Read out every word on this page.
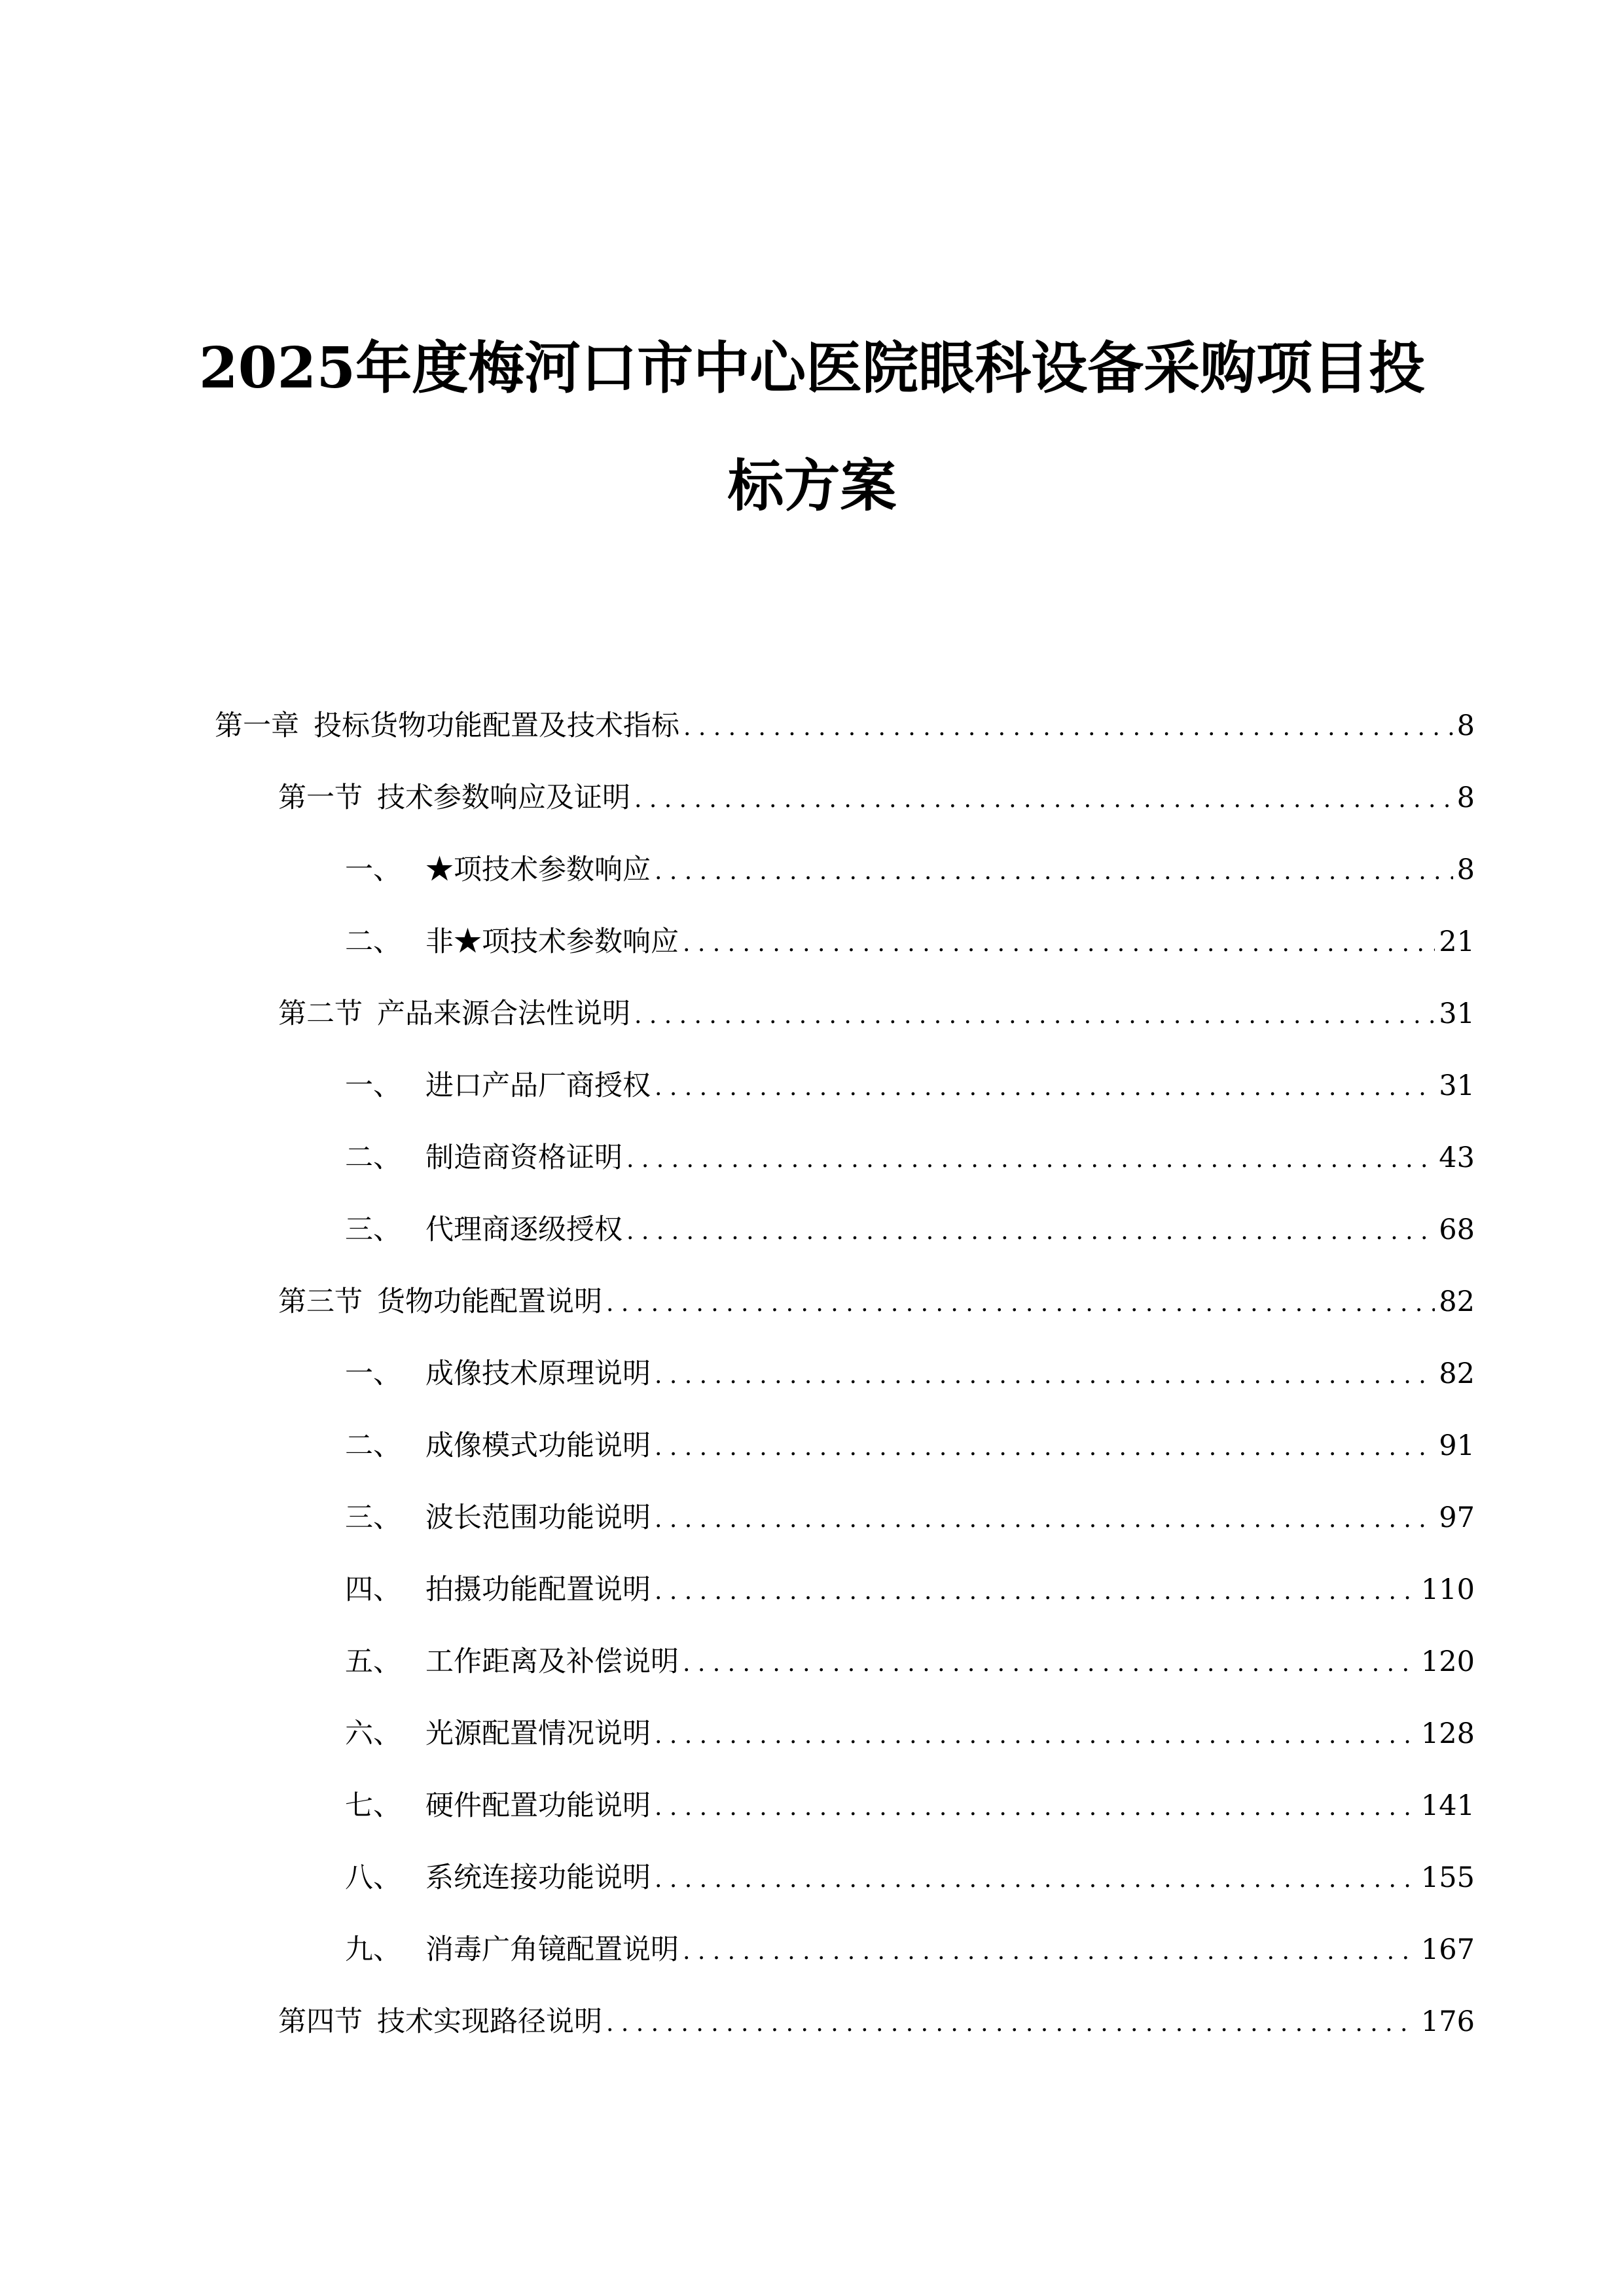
2025年度梅河口市中心医院眼科设备采购项目投
标方案
第一章 投标货物功能配置及技术指标 . . .	8
第一节 技术参数响应及证明 . . .	8
一、 ★项技术参数响应 . . .	8
二、 非★项技术参数响应 . . .	21
第二节 产品来源合法性说明 . . .	31
一、 进口产品厂商授权 . . .	31
二、 制造商资格证明 . . .	43
三、 代理商逐级授权 . . .	68
第三节 货物功能配置说明 . . .	82
一、 成像技术原理说明 . . .	82
二、 成像模式功能说明 . . .	91
三、 波长范围功能说明 . . .	97
四、 拍摄功能配置说明 . . .	110
五、 工作距离及补偿说明 . . .	120
六、 光源配置情况说明 . . .	128
七、 硬件配置功能说明 . . .	141
八、 系统连接功能说明 . . .	155
九、 消毒广角镜配置说明 . . .	167
第四节 技术实现路径说明 . . .	176
